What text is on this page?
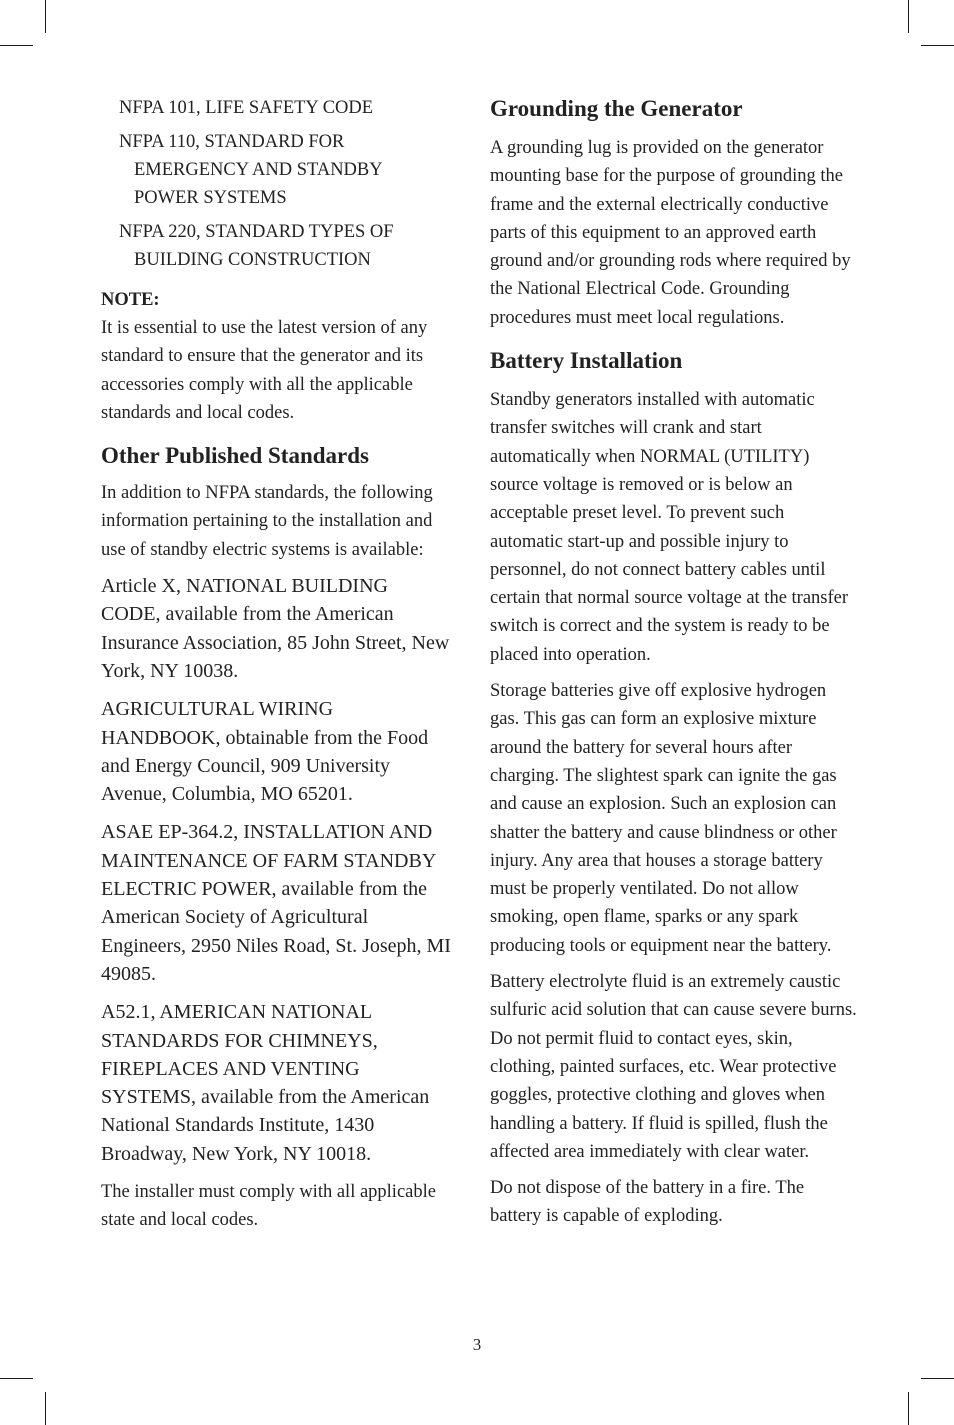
NFPA 101, LIFE SAFETY CODE

NFPA 110, STANDARD FOR EMERGENCY AND STANDBY POWER SYSTEMS

NFPA 220, STANDARD TYPES OF BUILDING CONSTRUCTION

NOTE:

It is essential to use the latest version of any standard to ensure that the generator and its accessories comply with all the applicable standards and local codes.

Other Published Standards

In addition to NFPA standards, the following information pertaining to the installation and use of standby electric systems is available:

Article X, NATIONAL BUILDING CODE, available from the American Insurance Association, 85 John Street, New York, NY 10038.

AGRICULTURAL WIRING HANDBOOK, obtainable from the Food and Energy Council, 909 University Avenue, Columbia, MO 65201.

ASAE EP-364.2, INSTALLATION AND MAINTENANCE OF FARM STANDBY ELECTRIC POWER, available from the American Society of Agricultural Engineers, 2950 Niles Road, St. Joseph, MI 49085.

A52.1, AMERICAN NATIONAL STANDARDS FOR CHIMNEYS, FIREPLACES AND VENTING SYSTEMS, available from the American National Standards Institute, 1430 Broadway, New York, NY 10018.

The installer must comply with all applicable state and local codes.

Grounding the Generator

A grounding lug is provided on the generator mounting base for the purpose of grounding the frame and the external electrically conductive parts of this equipment to an approved earth ground and/or grounding rods where required by the National Electrical Code. Grounding procedures must meet local regulations.

Battery Installation

Standby generators installed with automatic transfer switches will crank and start automatically when NORMAL (UTILITY) source voltage is removed or is below an acceptable preset level. To prevent such automatic start-up and possible injury to personnel, do not connect battery cables until certain that normal source voltage at the transfer switch is correct and the system is ready to be placed into operation.

Storage batteries give off explosive hydrogen gas. This gas can form an explosive mixture around the battery for several hours after charging. The slightest spark can ignite the gas and cause an explosion. Such an explosion can shatter the battery and cause blindness or other injury. Any area that houses a storage battery must be properly ventilated. Do not allow smoking, open flame, sparks or any spark producing tools or equipment near the battery.

Battery electrolyte fluid is an extremely caustic sulfuric acid solution that can cause severe burns. Do not permit fluid to contact eyes, skin, clothing, painted surfaces, etc. Wear protective goggles, protective clothing and gloves when handling a battery. If fluid is spilled, flush the affected area immediately with clear water.

Do not dispose of the battery in a fire. The battery is capable of exploding.

3
